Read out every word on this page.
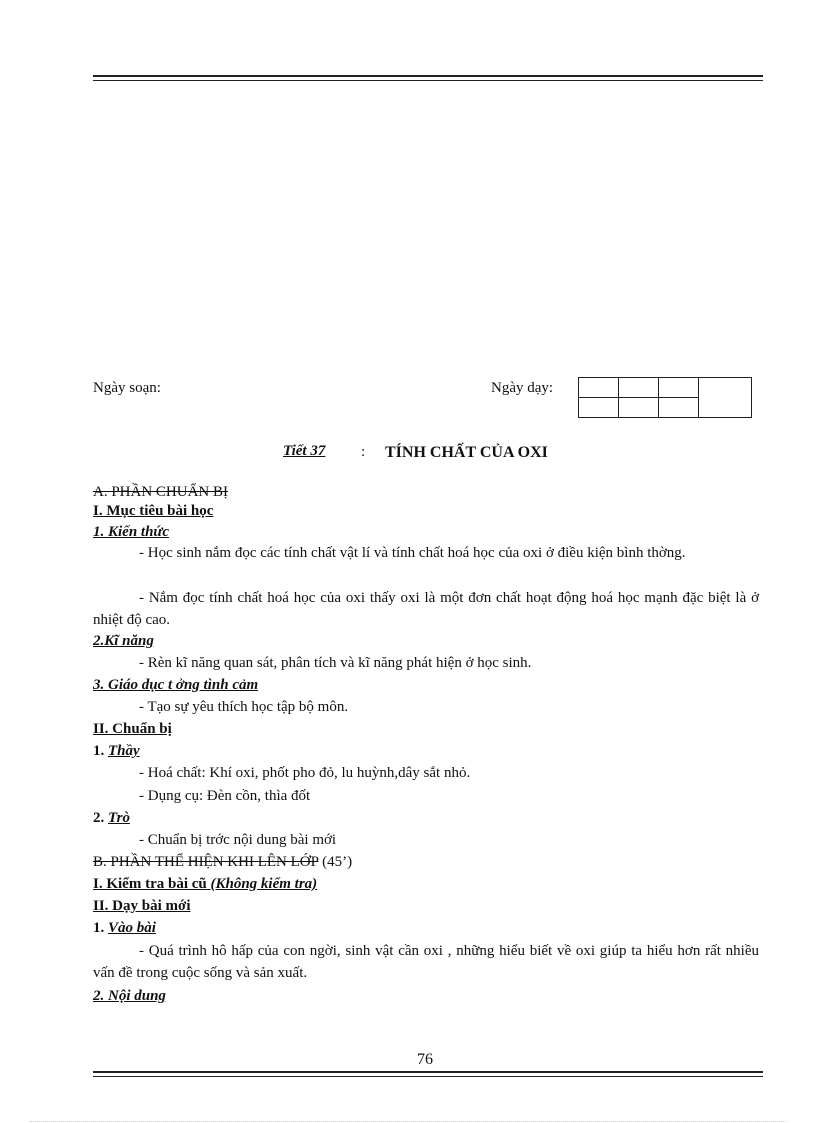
Ngày soạn:	Ngày dạy:

Tiết 37 : TÍNH CHẤT CỦA OXI
A. PHẦN CHUẨN BỊ
I. Mục tiêu bài học
1. Kiến thức
- Học sinh nắm đọc các tính chất vật lí và tính chất hoá học của oxi ở điều kiện bình thờng.
- Nắm đọc tính chất hoá học của oxi thấy oxi là một đơn chất hoạt động hoá học mạnh đặc biệt là ở nhiệt độ cao.
2.Kĩ năng
- Rèn kĩ năng quan sát, phân tích và kĩ năng phát hiện ở học sinh.
3. Giáo dục t ởng tình cảm
- Tạo sự yêu thích học tập bộ môn.
II. Chuẩn bị
1. Thầy
- Hoá chất: Khí oxi, phốt pho đỏ, lu huỳnh,dây sắt nhỏ.
- Dụng cụ: Đèn cồn, thìa đốt
2. Trò
- Chuẩn bị trớc nội dung bài mới
B. PHẦN THỂ HIỆN KHI LÊN LỚP (45’)
I. Kiểm tra bài cũ (Không kiểm tra)
II. Dạy bài mới
1. Vào bài
- Quá trình hô hấp của con ngời, sinh vật cần oxi , những hiểu biết về oxi giúp ta hiểu hơn rất nhiều vấn đề trong cuộc sống và sản xuất.
2. Nội dung
76
